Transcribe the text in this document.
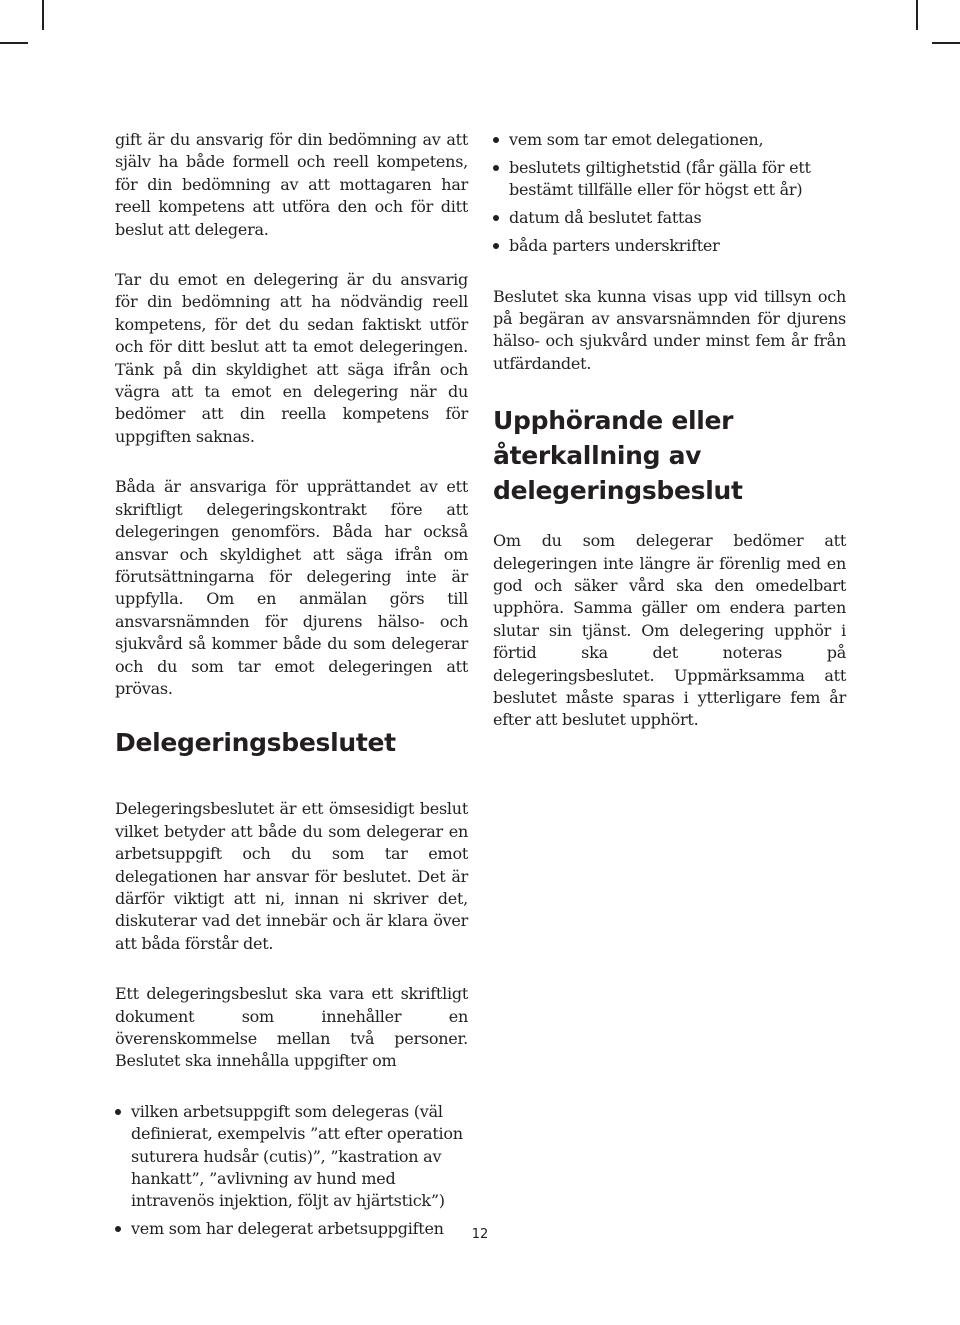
gift är du ansvarig för din bedömning av att själv ha både formell och reell kompetens, för din bedömning av att mottagaren har reell kompetens att utföra den och för ditt beslut att delegera.

Tar du emot en delegering är du ansvarig för din bedömning att ha nödvändig reell kompetens, för det du sedan faktiskt utför och för ditt beslut att ta emot delegeringen. Tänk på din skyldighet att säga ifrån och vägra att ta emot en delegering när du bedömer att din reella kompetens för uppgiften saknas.

Båda är ansvariga för upprättandet av ett skriftligt delegeringskontrakt före att delegeringen genomförs. Båda har också ansvar och skyldighet att säga ifrån om förutsättningarna för delegering inte är uppfylla. Om en anmälan görs till ansvarsnämnden för djurens hälso- och sjukvård så kommer både du som delegerar och du som tar emot delegeringen att prövas.

Delegeringsbeslutet

Delegeringsbeslutet är ett ömsesidigt beslut vilket betyder att både du som delegerar en arbetsuppgift och du som tar emot delegationen har ansvar för beslutet. Det är därför viktigt att ni, innan ni skriver det, diskuterar vad det innebär och är klara över att båda förstår det.

Ett delegeringsbeslut ska vara ett skriftligt dokument som innehåller en överenskommelse mellan två personer. Beslutet ska innehålla uppgifter om

vilken arbetsuppgift som delegeras (väl definierat, exempelvis ”att efter operation suturera hudsår (cutis)”, ”kastration av hankatt”, ”avlivning av hund med intravenös injektion, följt av hjärtstick”)
vem som har delegerat arbetsuppgiften
vem som tar emot delegationen,
beslutets giltighetstid (får gälla för ett bestämt tillfälle eller för högst ett år)
datum då beslutet fattas
båda parters underskrifter

Beslutet ska kunna visas upp vid tillsyn och på begäran av ansvarsnämnden för djurens hälso- och sjukvård under minst fem år från utfärdandet.

Upphörande eller återkallning av delegeringsbeslut

Om du som delegerar bedömer att delegeringen inte längre är förenlig med en god och säker vård ska den omedelbart upphöra. Samma gäller om endera parten slutar sin tjänst. Om delegering upphör i förtid ska det noteras på delegeringsbeslutet. Uppmärksamma att beslutet måste sparas i ytterligare fem år efter att beslutet upphört.

12
